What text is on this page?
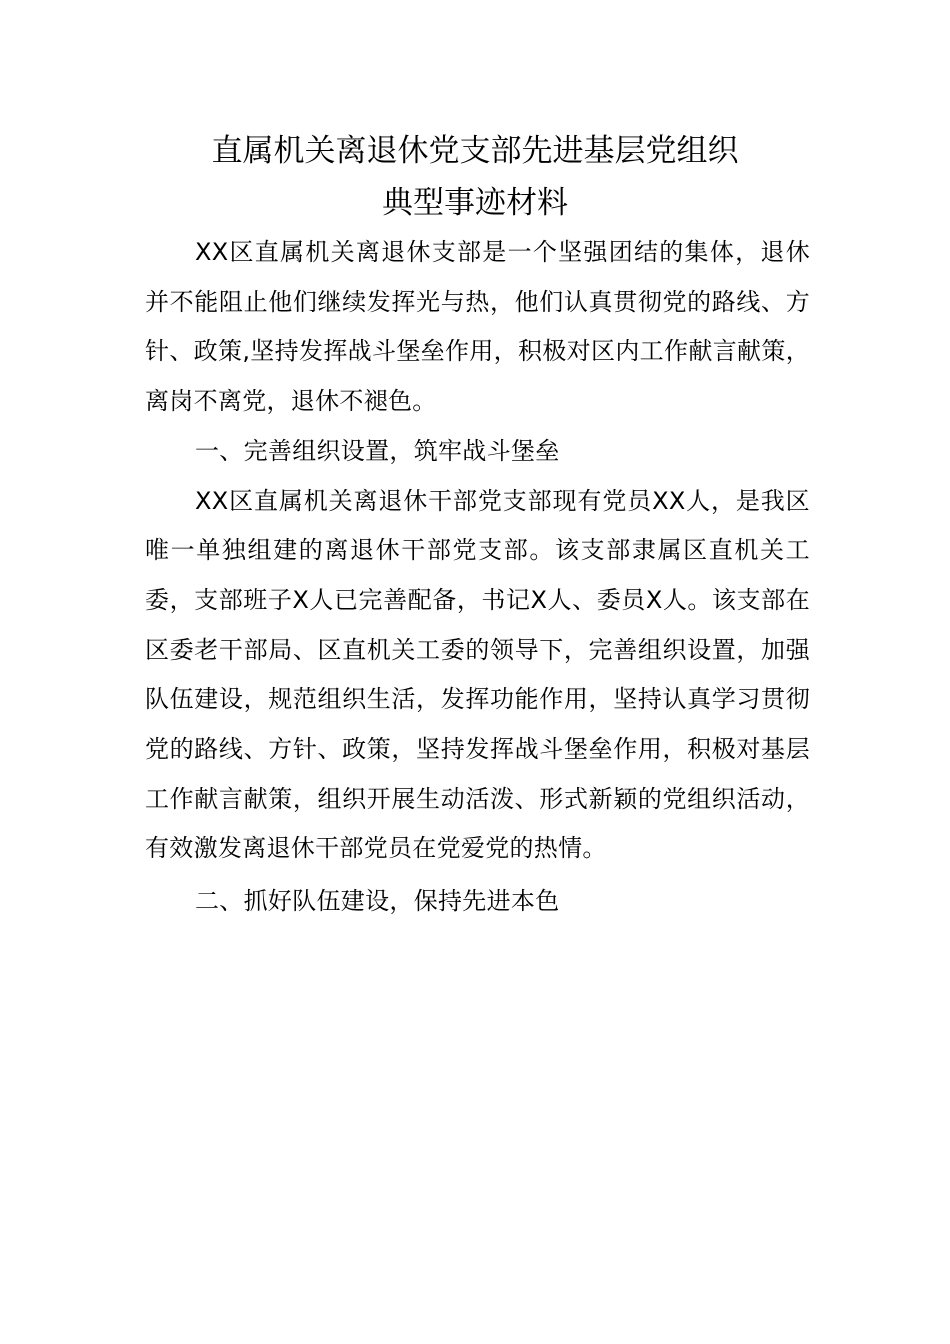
直属机关离退休党支部先进基层党组织
典型事迹材料

XX区直属机关离退休支部是一个坚强团结的集体，退休并不能阻止他们继续发挥光与热，他们认真贯彻党的路线、方针、政策,坚持发挥战斗堡垒作用，积极对区内工作献言献策，离岗不离党，退休不褪色。

一、完善组织设置，筑牢战斗堡垒

XX区直属机关离退休干部党支部现有党员XX人，是我区唯一单独组建的离退休干部党支部。该支部隶属区直机关工委，支部班子X人已完善配备，书记X人、委员X人。该支部在区委老干部局、区直机关工委的领导下，完善组织设置，加强队伍建设，规范组织生活，发挥功能作用，坚持认真学习贯彻党的路线、方针、政策，坚持发挥战斗堡垒作用，积极对基层工作献言献策，组织开展生动活泼、形式新颖的党组织活动，有效激发离退休干部党员在党爱党的热情。

二、抓好队伍建设，保持先进本色
